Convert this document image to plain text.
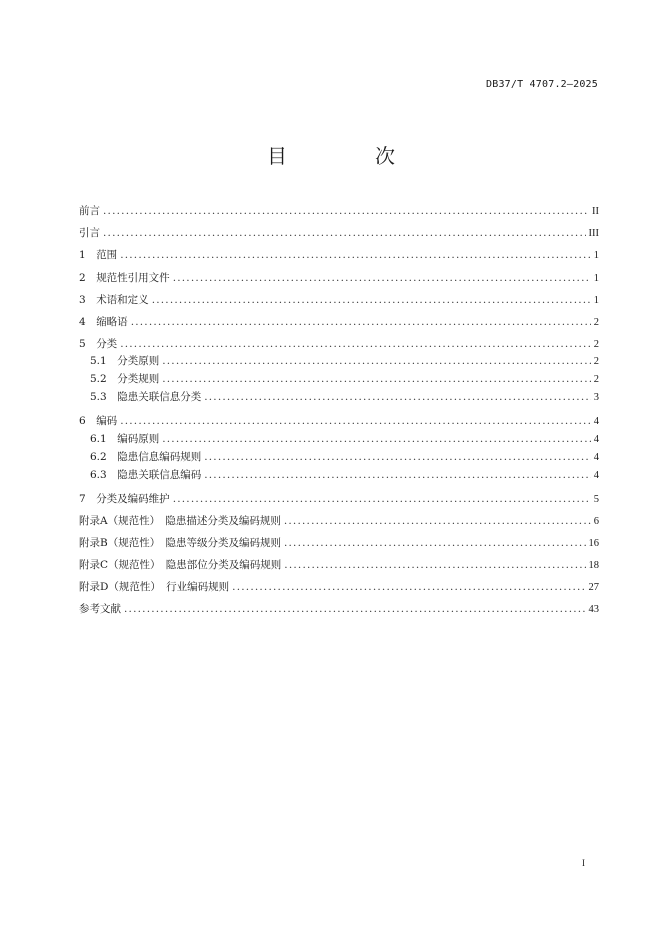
DB37/T 4707.2—2025
目　次
前言 .....	II
引言 .....	III
1　 范围 .....	1
2　 规范性引用文件 .....	1
3　 术语和定义 .....	1
4　 缩略语 .....	2
5　 分类 .....	2
5.1　 分类原则 .....	2
5.2　 分类规则 .....	2
5.3　 隐患关联信息分类 .....	3
6　 编码 .....	4
6.1　 编码原则 .....	4
6.2　 隐患信息编码规则 .....	4
6.3　 隐患关联信息编码 .....	4
7　 分类及编码维护 .....	5
附录A（规范性）　 隐患描述分类及编码规则 .....	6
附录B（规范性）　 隐患等级分类及编码规则 .....	16
附录C（规范性）　 隐患部位分类及编码规则 .....	18
附录D（规范性）　 行业编码规则 .....	27
参考文献 .....	43
I
